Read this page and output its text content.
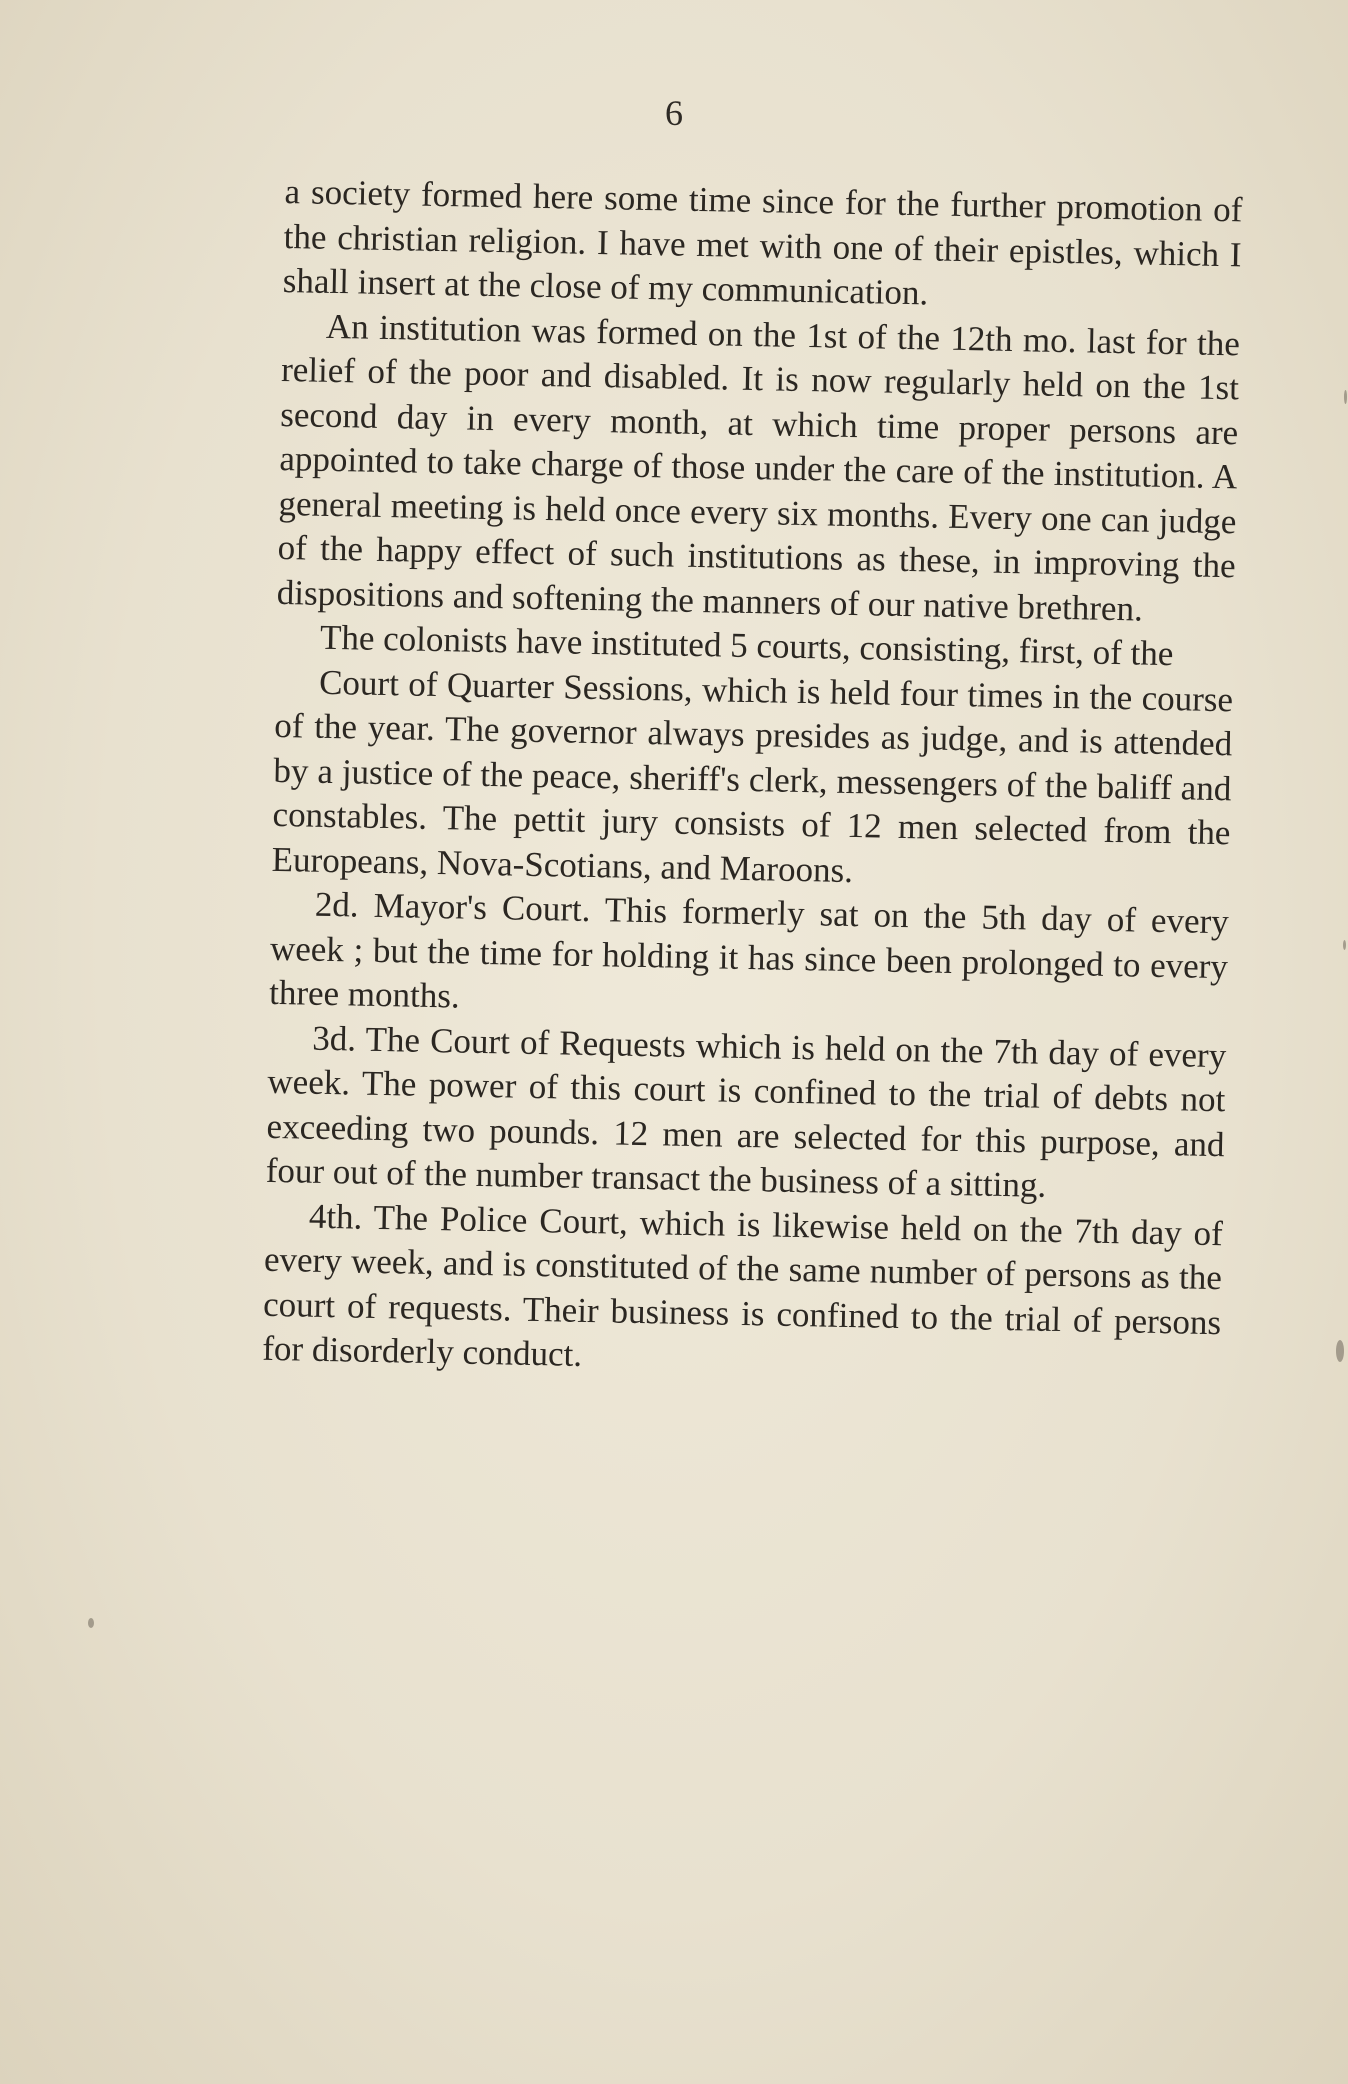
6

a society formed here some time since for the further promotion of the christian religion. I have met with one of their epistles, which I shall insert at the close of my communication.

An institution was formed on the 1st of the 12th mo. last for the relief of the poor and disabled. It is now regularly held on the 1st second day in every month, at which time proper persons are appointed to take charge of those under the care of the institution. A general meeting is held once every six months. Every one can judge of the happy effect of such institutions as these, in improving the dispositions and softening the manners of our native brethren.

The colonists have instituted 5 courts, consisting, first, of the

Court of Quarter Sessions, which is held four times in the course of the year. The governor always presides as judge, and is attended by a justice of the peace, sheriff's clerk, messengers of the baliff and constables. The pettit jury consists of 12 men selected from the Europeans, Nova-Scotians, and Maroons.

2d. Mayor's Court. This formerly sat on the 5th day of every week ; but the time for holding it has since been prolonged to every three months.

3d. The Court of Requests which is held on the 7th day of every week. The power of this court is confined to the trial of debts not exceeding two pounds. 12 men are selected for this purpose, and four out of the number transact the business of a sitting.

4th. The Police Court, which is likewise held on the 7th day of every week, and is constituted of the same number of persons as the court of requests. Their business is confined to the trial of persons for disorderly conduct.
